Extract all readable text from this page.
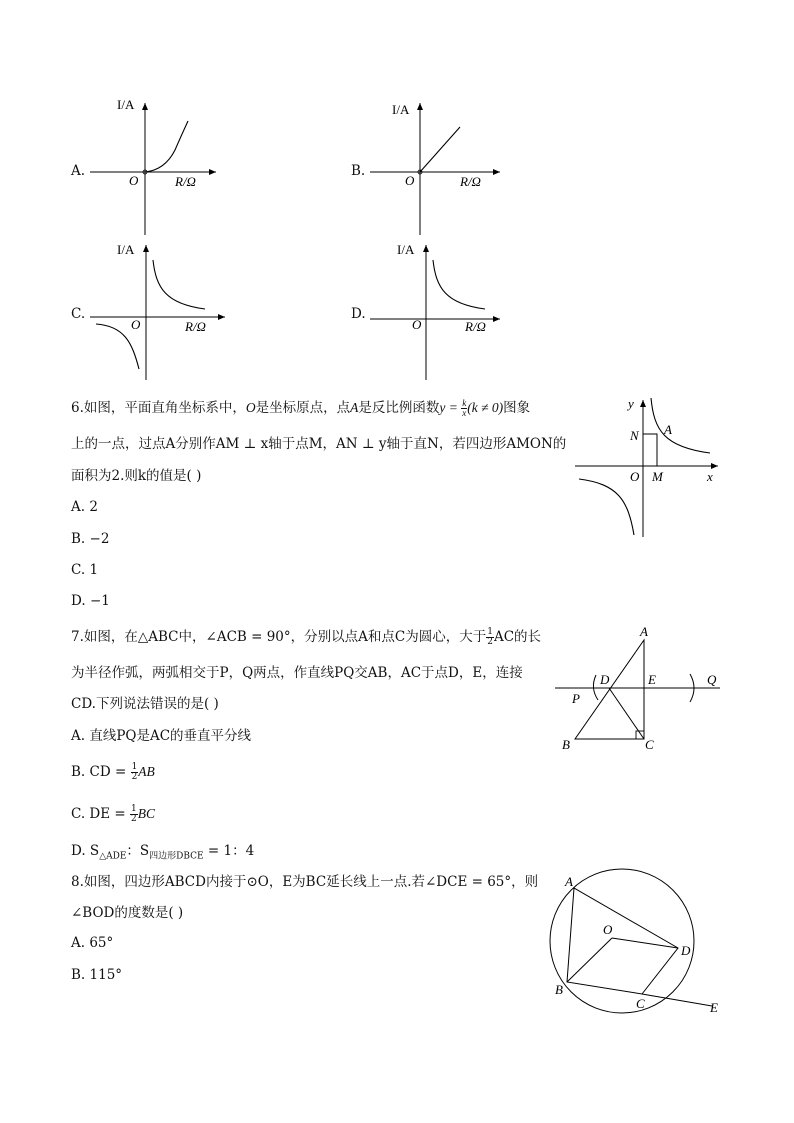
A.
I/A
O	R/Ω
B.
I/A
O	R/Ω
C.
I/A
O	R/Ω
D.
I/A
O	R/Ω
6.如图，平面直角坐标系中，O是坐标原点，点A是反比例函数$y = \frac{k}{x} (k \ne 0)$图象
上的一点，过点A分别作AM ⊥ x轴于点M，AN ⊥ y轴于直N，若四边形AMON的
面积为2.则k的值是( )
A. 2
B. −2
C. 1
D. −1
y
x
O M
N A
7.如图，在△ABC中，∠ACB = 90°，分别以点A和点C为圆心，大于 $\frac{1}{2}$ AC的长
为半径作弧，两弧相交于P，Q两点，作直线PQ交AB，AC于点D，E，连接
CD.下列说法错误的是( )
A. 直线PQ是AC的垂直平分线
B. CD = $\frac{1}{2}$ AB
C. DE = $\frac{1}{2}$ BC
D. $S_{\triangle ADE}$：$S_{四边形DBCE} = 1$：4
A
B	C
D	E
P
Q
8.如图，四边形ABCD内接于⊙O，E为BC延长线上一点.若∠DCE = 65°，则
∠BOD的度数是( )
A. 65°
B. 115°
A
B
C
D
E
O
